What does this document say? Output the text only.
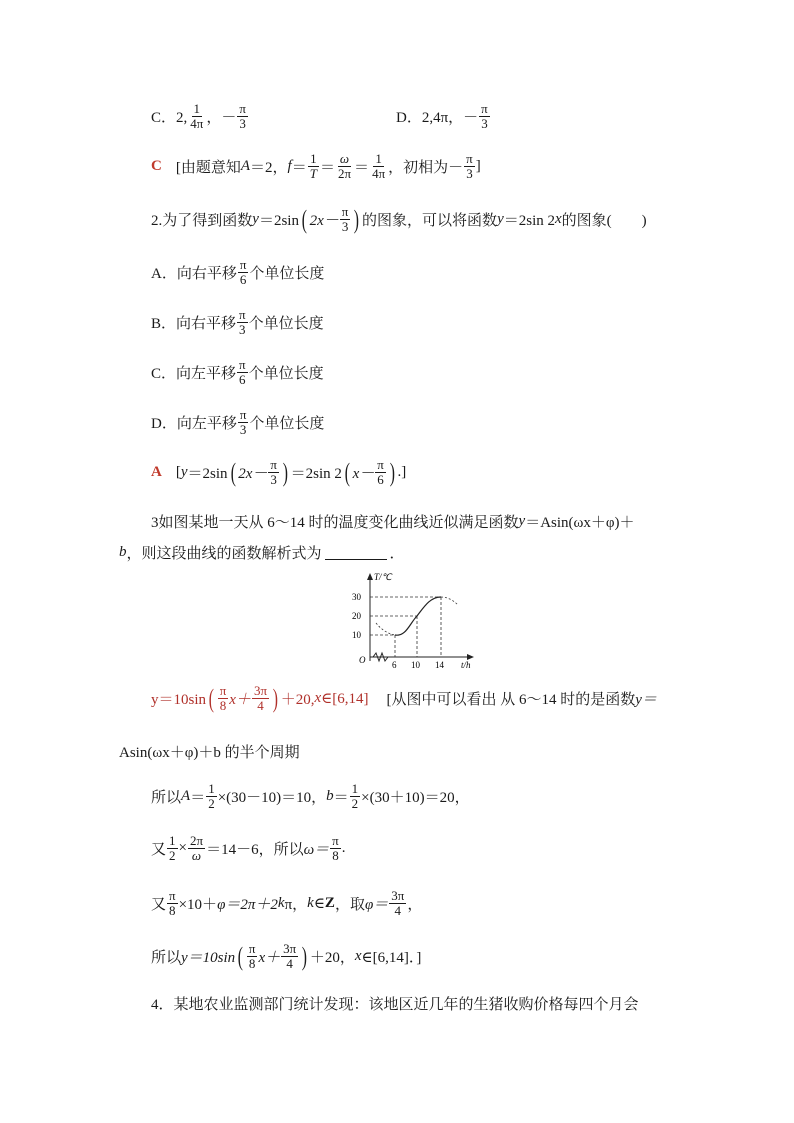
C．2, $\frac{1}{4\pi}$ ，－ $\frac{\pi}{3}$	D．2,4π，－ $\frac{\pi}{3}$
C [由题意知 A ＝2， $f = \frac{1}{T} = \frac{\omega}{2\pi} = \frac{1}{4\pi}$ ，初相为－ $\frac{\pi}{3}$ ]
2.为了得到函数 y ＝2sin ( $2x- \frac{\pi}{3}$ ) 的图象，可以将函数 y ＝2sin 2 x 的图象(　　)
A．向右平移 $\frac{\pi}{6}$ 个单位长度
B．向右平移 $\frac{\pi}{3}$ 个单位长度
C．向左平移 $\frac{\pi}{6}$ 个单位长度
D．向左平移 $\frac{\pi}{3}$ 个单位长度
A [ y ＝2sin ( $2x- \frac{\pi}{3}$ ) ＝2sin 2 ( $x- \frac{\pi}{6}$ ) .]
3如图某地一天从 6～14 时的温度变化曲线近似满足函数 y ＝Asin(ωx＋φ)＋
b ，则这段曲线的函数解析式为	．
T/℃
t/h
O
30
20
10
6 10 14
y＝10sin ( $\frac{\pi}{8} x+ \frac{3\pi}{4}$ ) ＋20, x ∈[6,14] [从图中可以看出 从 6～14 时的是函数 y＝
Asin(ωx＋φ)＋b 的半个周期
所以 $A = \frac{1}{2} \times(30-10)=10$， $b = \frac{1}{2} \times(30+10)=20$，
又 $\frac{1}{2} \times \frac{2\pi}{\omega} =14-6$，所以 $\omega= \frac{\pi}{8}$ .
又 $\frac{\pi}{8} \times 10+ \varphi=2\pi+2$ k π， k ∈ Z ，取 $\varphi= \frac{3\pi}{4}$ ，
所以 y＝10sin ( $\frac{\pi}{8} x+ \frac{3\pi}{4}$ ) ＋20， x ∈[6,14]．]
4．某地农业监测部门统计发现：该地区近几年的生猪收购价格每四个月会
